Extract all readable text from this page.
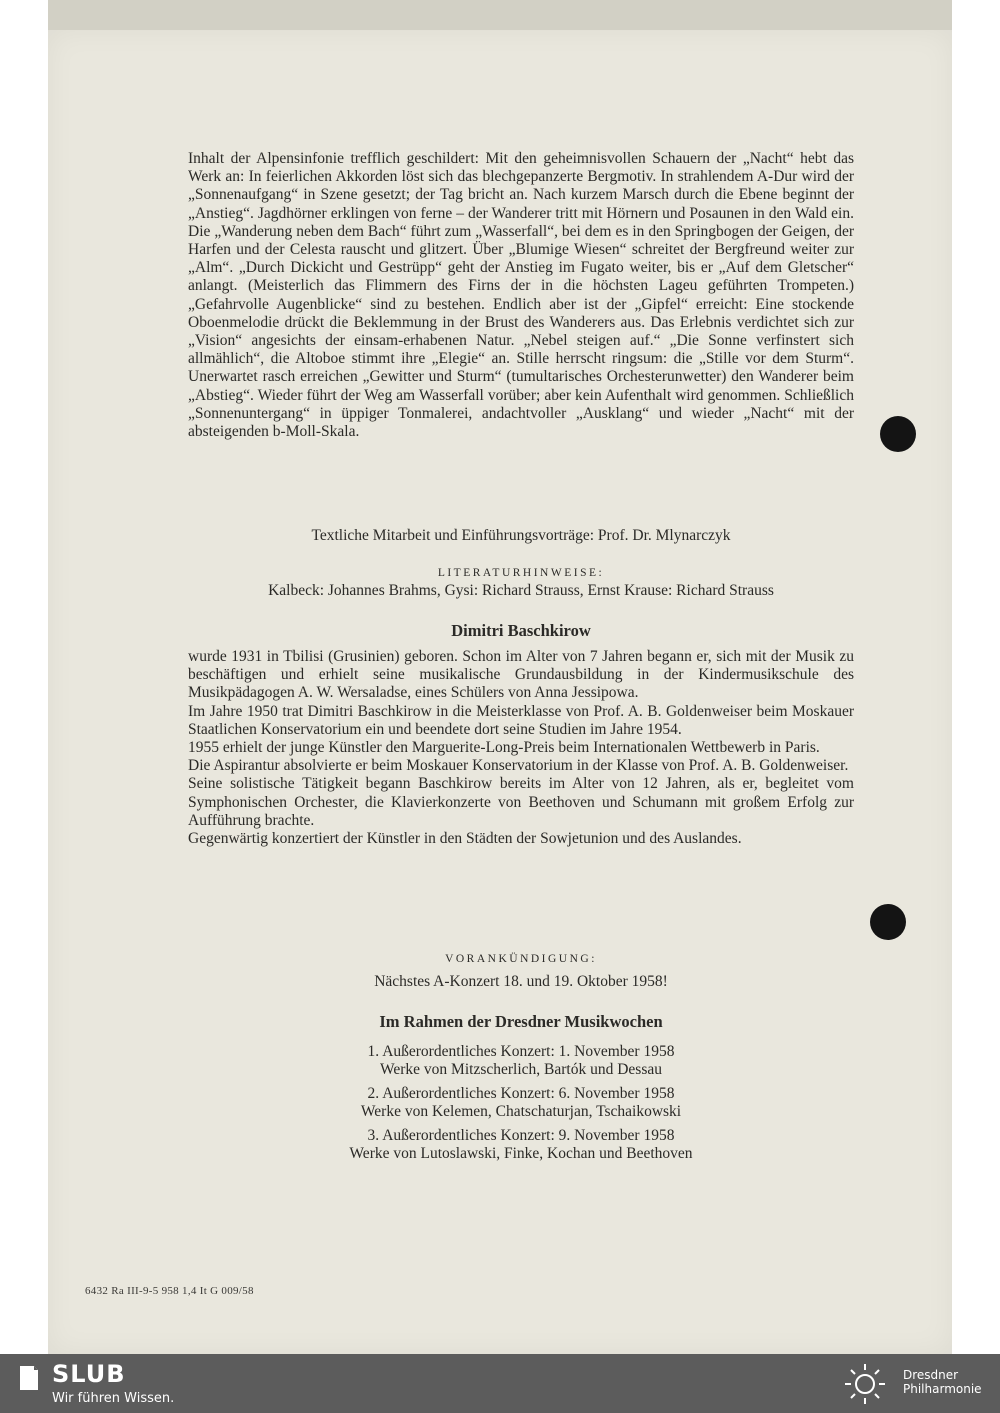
Inhalt der Alpensinfonie trefflich geschildert: Mit den geheimnisvollen Schauern der „Nacht“ hebt das Werk an: In feierlichen Akkorden löst sich das blechgepanzerte Bergmotiv. In strahlendem A-Dur wird der „Sonnenaufgang“ in Szene gesetzt; der Tag bricht an. Nach kurzem Marsch durch die Ebene beginnt der „Anstieg“. Jagdhörner erklingen von ferne – der Wanderer tritt mit Hörnern und Posaunen in den Wald ein. Die „Wanderung neben dem Bach“ führt zum „Wasserfall“, bei dem es in den Springbogen der Geigen, der Harfen und der Celesta rauscht und glitzert. Über „Blumige Wiesen“ schreitet der Bergfreund weiter zur „Alm“. „Durch Dickicht und Gestrüpp“ geht der Anstieg im Fugato weiter, bis er „Auf dem Gletscher“ anlangt. (Meisterlich das Flimmern des Firns der in die höchsten Lageu geführten Trompeten.) „Gefahrvolle Augenblicke“ sind zu bestehen. Endlich aber ist der „Gipfel“ erreicht: Eine stockende Oboenmelodie drückt die Beklemmung in der Brust des Wanderers aus. Das Erlebnis verdichtet sich zur „Vision“ angesichts der einsam-erhabenen Natur. „Nebel steigen auf.“ „Die Sonne verfinstert sich allmählich“, die Altoboe stimmt ihre „Elegie“ an. Stille herrscht ringsum: die „Stille vor dem Sturm“. Unerwartet rasch erreichen „Gewitter und Sturm“ (tumultarisches Orchesterunwetter) den Wanderer beim „Abstieg“. Wieder führt der Weg am Wasserfall vorüber; aber kein Aufenthalt wird genommen. Schließlich „Sonnenuntergang“ in üppiger Tonmalerei, andachtvoller „Ausklang“ und wieder „Nacht“ mit der absteigenden b-Moll-Skala.

Textliche Mitarbeit und Einführungsvorträge: Prof. Dr. Mlynarczyk
LITERATURHINWEISE:
Kalbeck: Johannes Brahms, Gysi: Richard Strauss, Ernst Krause: Richard Strauss
Dimitri Baschkirow

wurde 1931 in Tbilisi (Grusinien) geboren. Schon im Alter von 7 Jahren begann er, sich mit der Musik zu beschäftigen und erhielt seine musikalische Grundausbildung in der Kindermusikschule des Musikpädagogen A. W. Wersaladse, eines Schülers von Anna Jessipowa.

Im Jahre 1950 trat Dimitri Baschkirow in die Meisterklasse von Prof. A. B. Goldenweiser beim Moskauer Staatlichen Konservatorium ein und beendete dort seine Studien im Jahre 1954.

1955 erhielt der junge Künstler den Marguerite-Long-Preis beim Internationalen Wettbewerb in Paris.

Die Aspirantur absolvierte er beim Moskauer Konservatorium in der Klasse von Prof. A. B. Goldenweiser.

Seine solistische Tätigkeit begann Baschkirow bereits im Alter von 12 Jahren, als er, begleitet vom Symphonischen Orchester, die Klavierkonzerte von Beethoven und Schumann mit großem Erfolg zur Aufführung brachte.

Gegenwärtig konzertiert der Künstler in den Städten der Sowjetunion und des Auslandes.

VORANKÜNDIGUNG:
Nächstes A-Konzert 18. und 19. Oktober 1958!
Im Rahmen der Dresdner Musikwochen
1. Außerordentliches Konzert: 1. November 1958
Werke von Mitzscherlich, Bartók und Dessau
2. Außerordentliches Konzert: 6. November 1958
Werke von Kelemen, Chatschaturjan, Tschaikowski
3. Außerordentliches Konzert: 9. November 1958
Werke von Lutoslawski, Finke, Kochan und Beethoven
6432 Ra III-9-5 958 1,4 It G 009/58
SLUB
Wir führen Wissen.
Dresdner
Philharmonie
